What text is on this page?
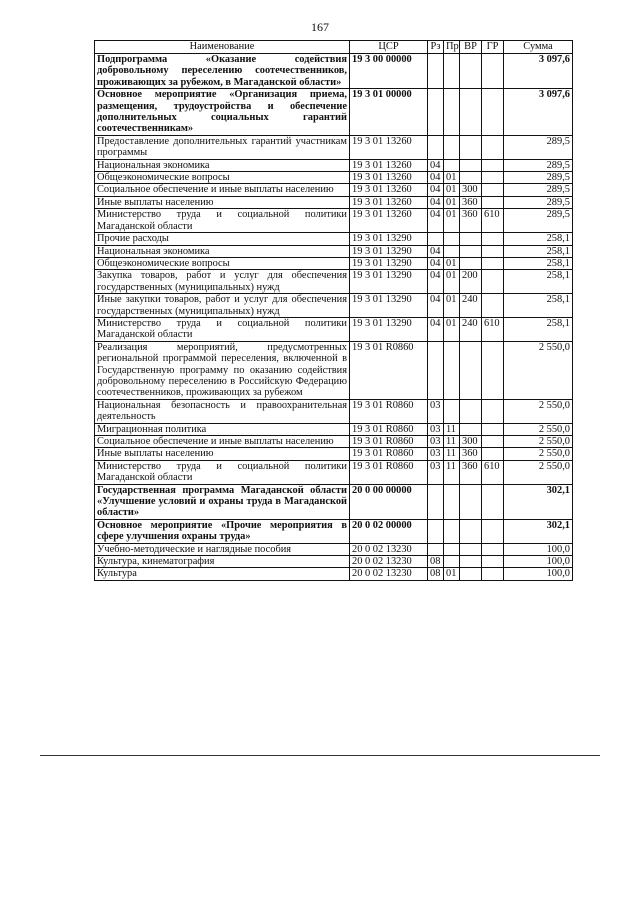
167
Наименование	ЦСР	Рз	Пр	ВР	ГР	Сумма
Подпрограмма «Оказание содействия добровольному переселению соотечественников, проживающих за рубежом, в Магаданской области»	19 3 00 00000					3 097,6
Основное мероприятие «Организация приема, размещения, трудоустройства и обеспечение дополнительных социальных гарантий соотечественникам»	19 3 01 00000					3 097,6
Предоставление дополнительных гарантий участникам программы	19 3 01 13260					289,5
Национальная экономика	19 3 01 13260	04				289,5
Общеэкономические вопросы	19 3 01 13260	04	01			289,5
Социальное обеспечение и иные выплаты населению	19 3 01 13260	04	01	300		289,5
Иные выплаты населению	19 3 01 13260	04	01	360		289,5
Министерство труда и социальной политики Магаданской области	19 3 01 13260	04	01	360	610	289,5
Прочие расходы	19 3 01 13290					258,1
Национальная экономика	19 3 01 13290	04				258,1
Общеэкономические вопросы	19 3 01 13290	04	01			258,1
Закупка товаров, работ и услуг для обеспечения государственных (муниципальных) нужд	19 3 01 13290	04	01	200		258,1
Иные закупки товаров, работ и услуг для обеспечения государственных (муниципальных) нужд	19 3 01 13290	04	01	240		258,1
Министерство труда и социальной политики Магаданской области	19 3 01 13290	04	01	240	610	258,1
Реализация мероприятий, предусмотренных региональной программой переселения, включенной в Государственную программу по оказанию содействия добровольному переселению в Российскую Федерацию соотечественников, проживающих за рубежом	19 3 01 R0860					2 550,0
Национальная безопасность и правоохранительная деятельность	19 3 01 R0860	03				2 550,0
Миграционная политика	19 3 01 R0860	03	11			2 550,0
Социальное обеспечение и иные выплаты населению	19 3 01 R0860	03	11	300		2 550,0
Иные выплаты населению	19 3 01 R0860	03	11	360		2 550,0
Министерство труда и социальной политики Магаданской области	19 3 01 R0860	03	11	360	610	2 550,0
Государственная программа Магаданской области «Улучшение условий и охраны труда в Магаданской области»	20 0 00 00000					302,1
Основное мероприятие «Прочие мероприятия в сфере улучшения охраны труда»	20 0 02 00000					302,1
Учебно-методические и наглядные пособия	20 0 02 13230					100,0
Культура, кинематография	20 0 02 13230	08				100,0
Культура	20 0 02 13230	08	01			100,0
